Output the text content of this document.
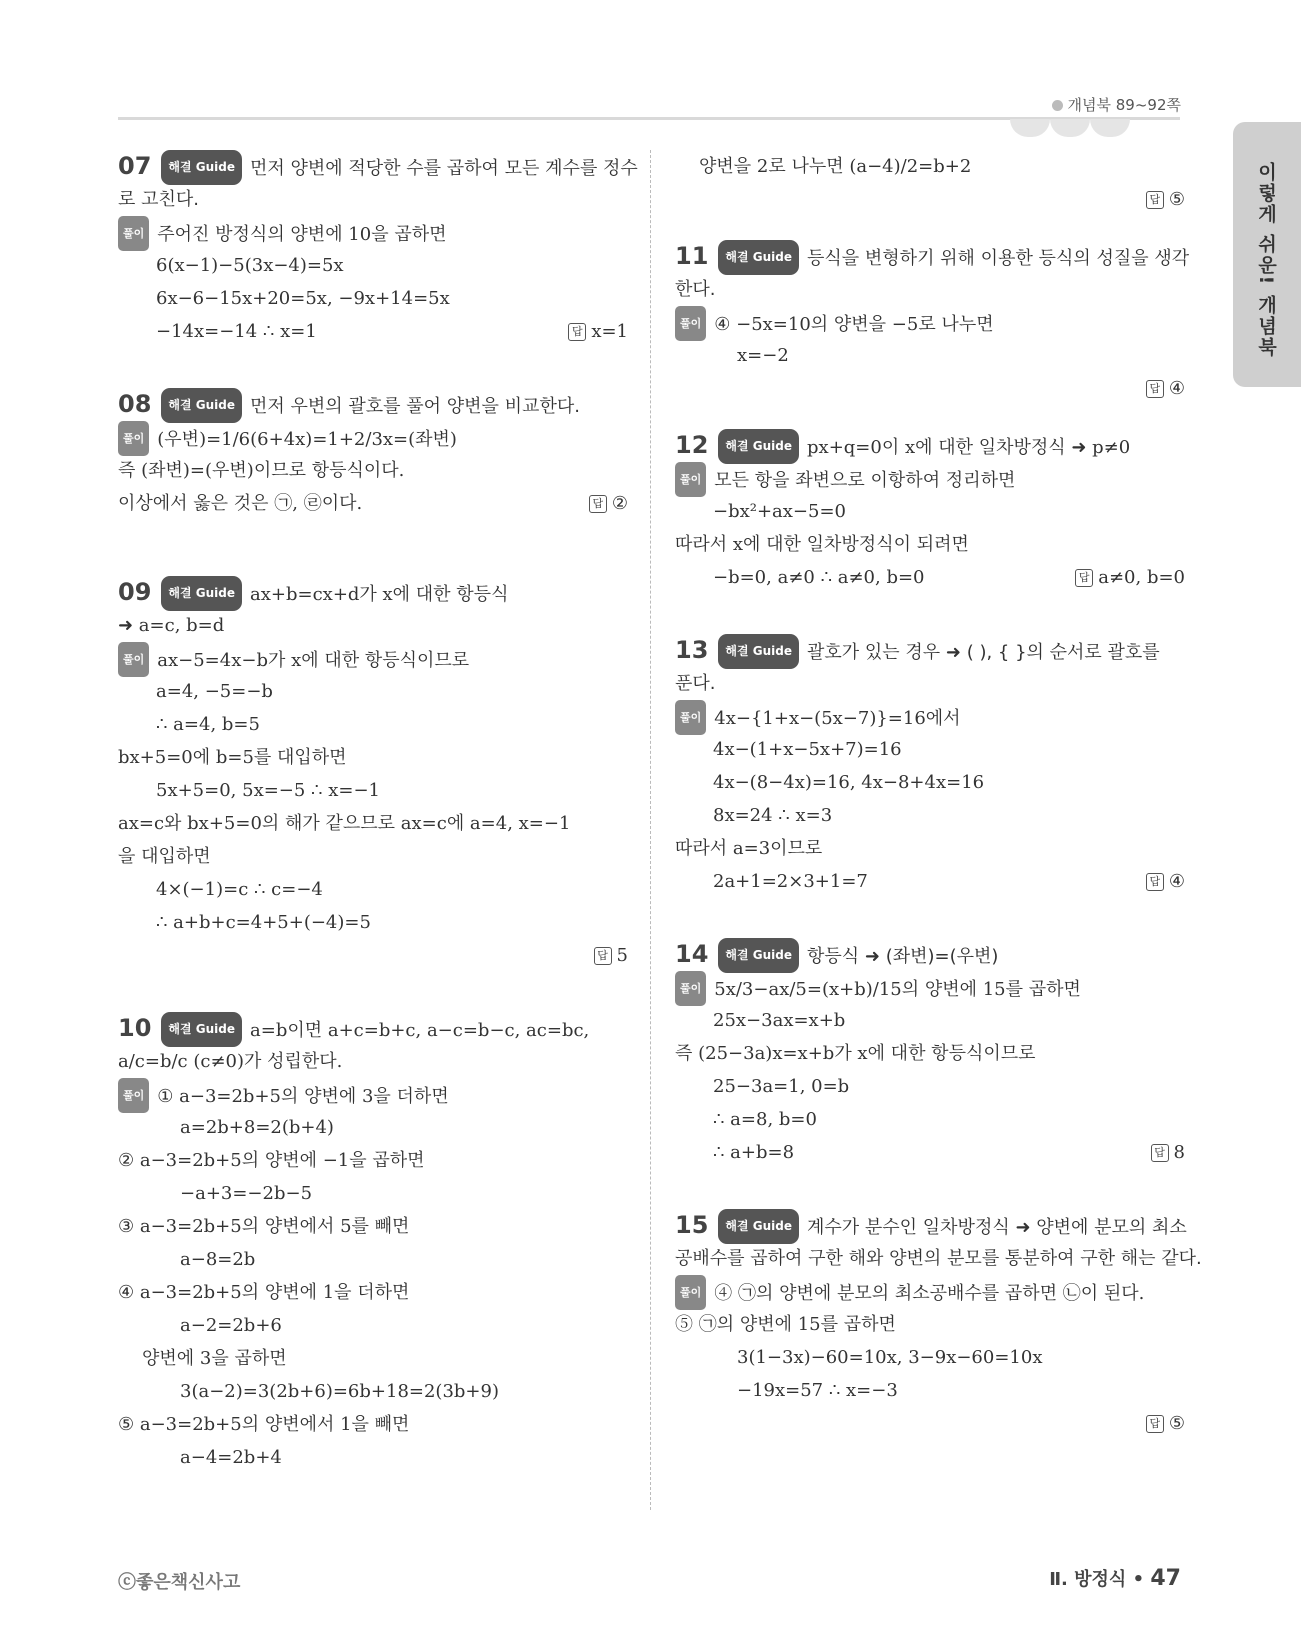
개념북 89~92쪽
이렇게 쉬운! 개념북
07 해결 Guide 먼저 양변에 적당한 수를 곱하여 모든 계수를 정수
로 고친다.
풀이 주어진 방정식의 양변에 10을 곱하면
6(x−1)−5(3x−4)=5x
6x−6−15x+20=5x, −9x+14=5x
−14x=−14 ∴ x=1	답 x=1
08 해결 Guide 먼저 우변의 괄호를 풀어 양변을 비교한다.
풀이 (우변)=1/6(6+4x)=1+2/3x=(좌변)
즉 (좌변)=(우변)이므로 항등식이다.
이상에서 옳은 것은 ㉠, ㉣이다.	답 ②
09 해결 Guide ax+b=cx+d가 x에 대한 항등식
➜ a=c, b=d
풀이 ax−5=4x−b가 x에 대한 항등식이므로
a=4, −5=−b
∴ a=4, b=5
bx+5=0에 b=5를 대입하면
5x+5=0, 5x=−5 ∴ x=−1
ax=c와 bx+5=0의 해가 같으므로 ax=c에 a=4, x=−1
을 대입하면
4×(−1)=c ∴ c=−4
∴ a+b+c=4+5+(−4)=5
답 5
10 해결 Guide a=b이면 a+c=b+c, a−c=b−c, ac=bc,
a/c=b/c (c≠0)가 성립한다.
풀이 ① a−3=2b+5의 양변에 3을 더하면
a=2b+8=2(b+4)
② a−3=2b+5의 양변에 −1을 곱하면
−a+3=−2b−5
③ a−3=2b+5의 양변에서 5를 빼면
a−8=2b
④ a−3=2b+5의 양변에 1을 더하면
a−2=2b+6
양변에 3을 곱하면
3(a−2)=3(2b+6)=6b+18=2(3b+9)
⑤ a−3=2b+5의 양변에서 1을 빼면
a−4=2b+4
양변을 2로 나누면 (a−4)/2=b+2
답 ⑤
11 해결 Guide 등식을 변형하기 위해 이용한 등식의 성질을 생각
한다.
풀이 ④ −5x=10의 양변을 −5로 나누면
x=−2
답 ④
12 해결 Guide px+q=0이 x에 대한 일차방정식 ➜ p≠0
풀이 모든 항을 좌변으로 이항하여 정리하면
−bx²+ax−5=0
따라서 x에 대한 일차방정식이 되려면
−b=0, a≠0 ∴ a≠0, b=0	답 a≠0, b=0
13 해결 Guide 괄호가 있는 경우 ➜ ( ), { }의 순서로 괄호를
푼다.
풀이 4x−{1+x−(5x−7)}=16에서
4x−(1+x−5x+7)=16
4x−(8−4x)=16, 4x−8+4x=16
8x=24 ∴ x=3
따라서 a=3이므로
2a+1=2×3+1=7	답 ④
14 해결 Guide 항등식 ➜ (좌변)=(우변)
풀이 5x/3−ax/5=(x+b)/15의 양변에 15를 곱하면
25x−3ax=x+b
즉 (25−3a)x=x+b가 x에 대한 항등식이므로
25−3a=1, 0=b
∴ a=8, b=0
∴ a+b=8	답 8
15 해결 Guide 계수가 분수인 일차방정식 ➜ 양변에 분모의 최소
공배수를 곱하여 구한 해와 양변의 분모를 통분하여 구한 해는 같다.
풀이 ④ ㉠의 양변에 분모의 최소공배수를 곱하면 ㉡이 된다.
⑤ ㉠의 양변에 15를 곱하면
3(1−3x)−60=10x, 3−9x−60=10x
−19x=57 ∴ x=−3
답 ⑤
ⓒ좋은책신사고	Ⅱ. 방정식 • 47
